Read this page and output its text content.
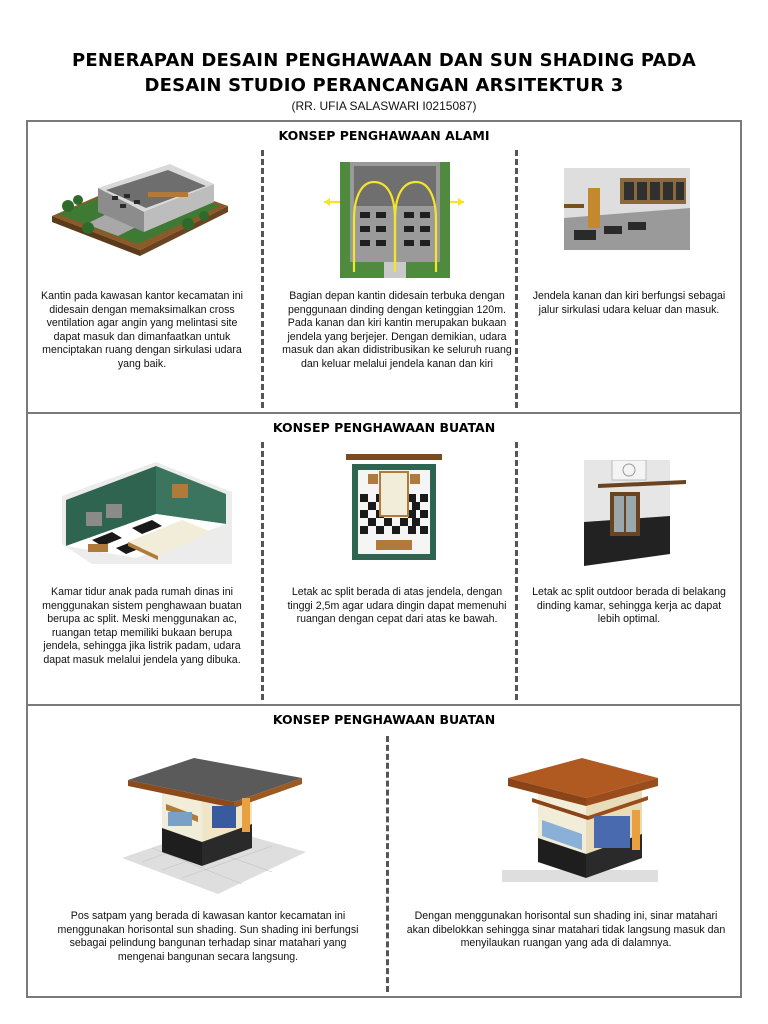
PENERAPAN DESAIN PENGHAWAAN DAN SUN SHADING PADA
DESAIN STUDIO PERANCANGAN ARSITEKTUR 3
(RR. UFIA SALASWARI I0215087)
KONSEP PENGHAWAAN ALAMI
Kantin pada kawasan kantor kecamatan ini didesain dengan memaksimalkan cross ventilation agar angin yang melintasi site dapat masuk dan dimanfaatkan untuk menciptakan ruang dengan sirkulasi udara yang baik.
Bagian depan kantin didesain terbuka dengan penggunaan dinding dengan ketinggian 120m. Pada kanan dan kiri kantin merupakan bukaan jendela yang berjejer. Dengan demikian, udara masuk dan akan didistribusikan ke seluruh ruang dan keluar melalui jendela kanan dan kiri
Jendela kanan dan kiri berfungsi sebagai jalur sirkulasi udara keluar dan masuk.
KONSEP PENGHAWAAN BUATAN
Kamar tidur anak pada rumah dinas ini menggunakan sistem penghawaan buatan berupa ac split. Meski menggunakan ac, ruangan tetap memiliki bukaan berupa jendela, sehingga jika listrik padam, udara dapat masuk melalui jendela yang dibuka.
Letak ac split berada di atas jendela, dengan tinggi 2,5m agar udara dingin dapat memenuhi ruangan dengan cepat dari atas ke bawah.
Letak ac split outdoor berada di belakang dinding kamar, sehingga kerja ac dapat lebih optimal.
KONSEP PENGHAWAAN BUATAN
Pos satpam yang berada di kawasan kantor kecamatan ini menggunakan horisontal sun shading. Sun shading ini berfungsi sebagai pelindung bangunan terhadap sinar matahari yang mengenai bangunan secara langsung.
Dengan menggunakan horisontal sun shading ini, sinar matahari akan dibelokkan sehingga sinar matahari tidak langsung masuk dan menyilaukan ruangan yang ada di dalamnya.
